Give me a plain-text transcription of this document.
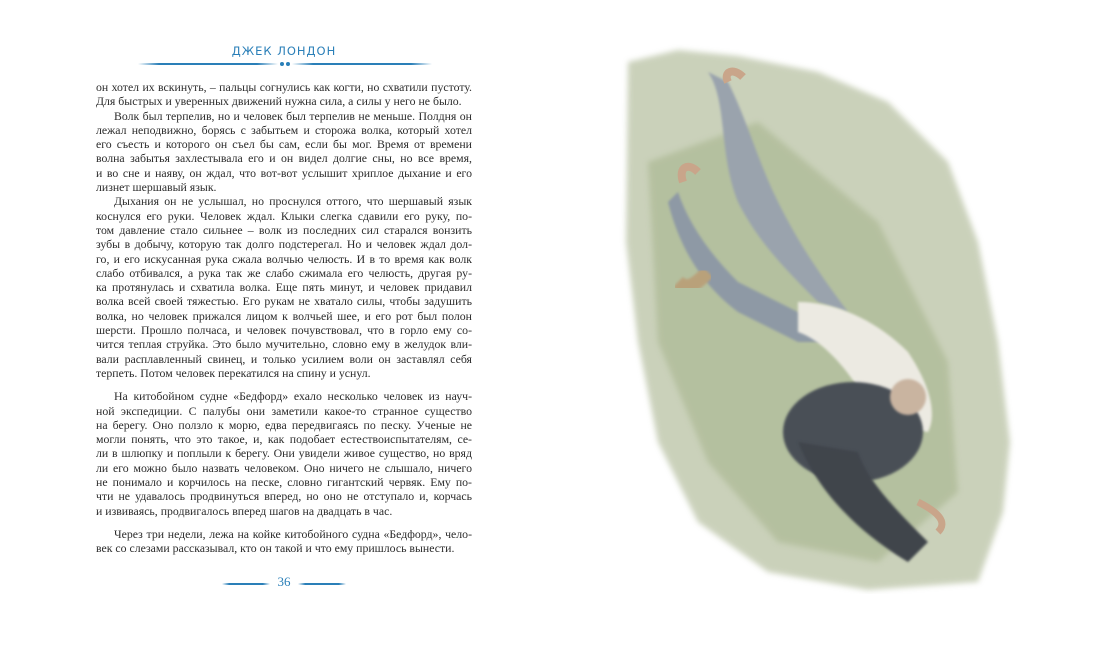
ДЖЕК ЛОНДОН
он хотел их вскинуть, – пальцы согнулись как когти, но схватили пустоту.
Для быстрых и уверенных движений нужна сила, а силы у него не было.
Волк был терпелив, но и человек был терпелив не меньше. Полдня он
лежал неподвижно, борясь с забытьем и сторожа волка, который хотел
его съесть и которого он съел бы сам, если бы мог. Время от времени
волна забытья захлестывала его и он видел долгие сны, но все время,
и во сне и наяву, он ждал, что вот-вот услышит хриплое дыхание и его
лизнет шершавый язык.
Дыхания он не услышал, но проснулся оттого, что шершавый язык
коснулся его руки. Человек ждал. Клыки слегка сдавили его руку, по-
том давление стало сильнее – волк из последних сил старался вонзить
зубы в добычу, которую так долго подстерегал. Но и человек ждал дол-
го, и его искусанная рука сжала волчью челюсть. И в то время как волк
слабо отбивался, а рука так же слабо сжимала его челюсть, другая ру-
ка протянулась и схватила волка. Еще пять минут, и человек придавил
волка всей своей тяжестью. Его рукам не хватало силы, чтобы задушить
волка, но человек прижался лицом к волчьей шее, и его рот был полон
шерсти. Прошло полчаса, и человек почувствовал, что в горло ему со-
чится теплая струйка. Это было мучительно, словно ему в желудок вли-
вали расплавленный свинец, и только усилием воли он заставлял себя
терпеть. Потом человек перекатился на спину и уснул.
На китобойном судне «Бедфорд» ехало несколько человек из науч-
ной экспедиции. С палубы они заметили какое-то странное существо
на берегу. Оно ползло к морю, едва передвигаясь по песку. Ученые не
могли понять, что это такое, и, как подобает естествоиспытателям, се-
ли в шлюпку и поплыли к берегу. Они увидели живое существо, но вряд
ли его можно было назвать человеком. Оно ничего не слышало, ничего
не понимало и корчилось на песке, словно гигантский червяк. Ему по-
чти не удавалось продвинуться вперед, но оно не отступало и, корчась
и извиваясь, продвигалось вперед шагов на двадцать в час.
Через три недели, лежа на койке китобойного судна «Бедфорд», чело-
век со слезами рассказывал, кто он такой и что ему пришлось вынести.
36
